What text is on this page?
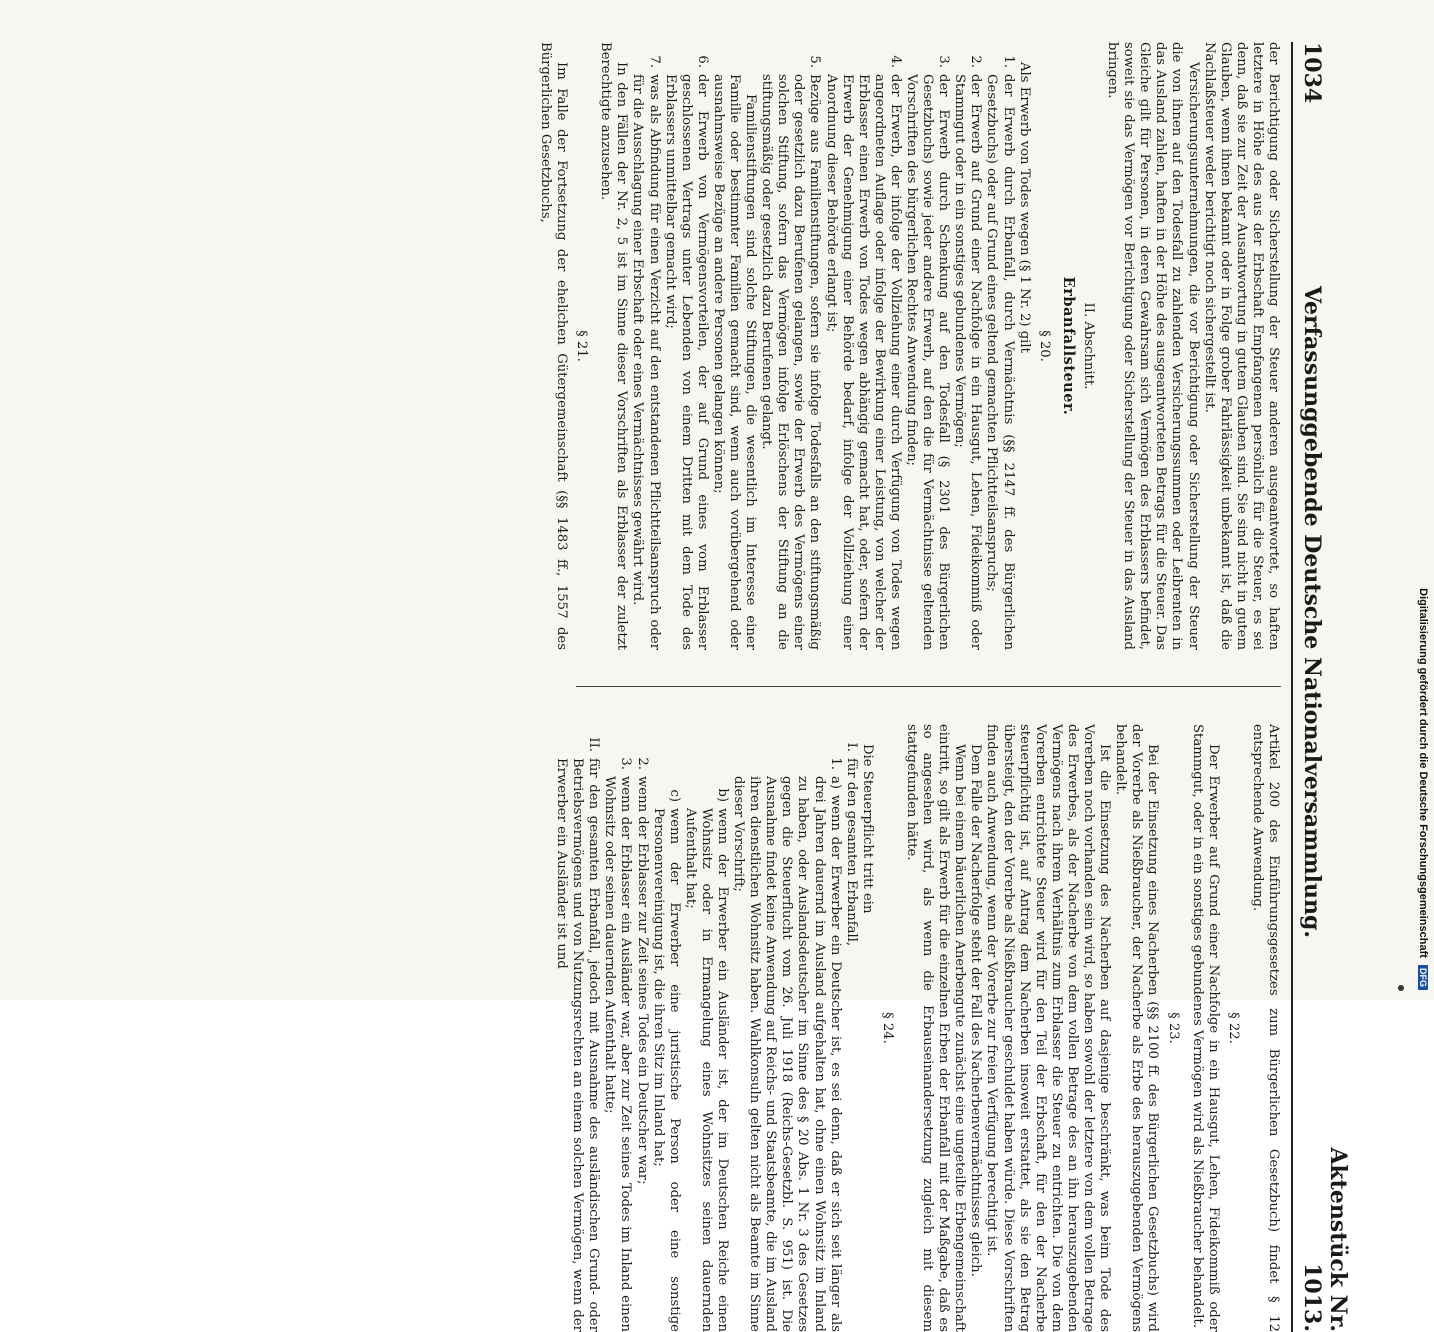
Digitalisierung gefördert durch die Deutsche Forschungsgemeinschaft DFG
1034
Verfassunggebende Deutsche Nationalversammlung.
Aktenstück Nr. 1013.

der Berichtigung oder Sicherstellung der Steuer anderen ausgeantwortet, so haften letztere in Höhe des aus der Erbschaft Empfangenen persönlich für die Steuer, es sei denn, daß sie zur Zeit der Ausantwortung in gutem Glauben sind. Sie sind nicht in gutem Glauben, wenn ihnen bekannt oder in Folge grober Fahrlässigkeit unbekannt ist, daß die Nachlaßsteuer weder berichtigt noch sichergestellt ist.

Versicherungsunternehmungen, die vor Berichtigung oder Sicherstellung der Steuer die von ihnen auf den Todesfall zu zahlenden Versicherungssummen oder Leibrenten in das Ausland zahlen, haften in der Höhe des ausgeantworteten Betrags für die Steuer. Das Gleiche gilt für Personen, in deren Gewahrsam sich Vermögen des Erblassers befindet, soweit sie das Vermögen vor Berichtigung oder Sicherstellung der Steuer in das Ausland bringen.

II. Abschnitt.
Erbanfallsteuer.
§ 20.

Als Erwerb von Todes wegen (§ 1 Nr. 2) gilt

1.
der Erwerb durch Erbanfall, durch Vermächtnis (§§ 2147 ff. des Bürgerlichen Gesetzbuchs) oder auf Grund eines geltend gemachten Pflichtteilsanspruchs;
2.
der Erwerb auf Grund einer Nachfolge in ein Hausgut, Lehen, Fideikommiß oder Stammgut oder in ein sonstiges gebundenes Vermögen;
3.
der Erwerb durch Schenkung auf den Todesfall (§ 2301 des Bürgerlichen Gesetzbuchs) sowie jeder andere Erwerb, auf den die für Vermächtnisse geltenden Vorschriften des bürgerlichen Rechtes Anwendung finden;
4.
der Erwerb, der infolge der Vollziehung einer durch Verfügung von Todes wegen angeordneten Auflage oder infolge der Bewirkung einer Leistung, von welcher der Erblasser einen Erwerb von Todes wegen abhängig gemacht hat, oder, sofern der Erwerb der Genehmigung einer Behörde bedarf, infolge der Vollziehung einer Anordnung dieser Behörde erlangt ist;
5.
Bezüge aus Familienstiftungen, sofern sie infolge Todesfalls an den stiftungsmäßig oder gesetzlich dazu Berufenen gelangen, sowie der Erwerb des Vermögens einer solchen Stiftung, sofern das Vermögen infolge Erlöschens der Stiftung an die stiftungsmäßig oder gesetzlich dazu Berufenen gelangt.
Familienstiftungen sind solche Stiftungen, die wesentlich im Interesse einer Familie oder bestimmter Familien gemacht sind, wenn auch vorübergehend oder ausnahmsweise Bezüge an andere Personen gelangen können;
6.
der Erwerb von Vermögensvorteilen, der auf Grund eines vom Erblasser geschlossenen Vertrags unter Lebenden von einem Dritten mit dem Tode des Erblassers unmittelbar gemacht wird;
7.
was als Abfindung für einen Verzicht auf den entstandenen Pflichtteilsanspruch oder für die Ausschlagung einer Erbschaft oder eines Vermächtnisses gewährt wird.

In den Fällen der Nr. 2, 5 ist im Sinne dieser Vorschriften als Erblasser der zuletzt Berechtigte anzusehen.

§ 21.

Im Falle der Fortsetzung der ehelichen Gütergemeinschaft (§§ 1483 ff., 1557 des Bürgerlichen Gesetzbuchs,

Artikel 200 des Einführungsgesetzes zum Bürgerlichen Gesetzbuch) findet § 12 entsprechende Anwendung.

§ 22.

Der Erwerber auf Grund einer Nachfolge in ein Hausgut, Lehen, Fideikommiß oder Stammgut, oder in ein sonstiges gebundenes Vermögen wird als Nießbraucher behandelt.

§ 23.

Bei der Einsetzung eines Nacherben (§§ 2100 ff. des Bürgerlichen Gesetzbuchs) wird der Vorerbe als Nießbraucher, der Nacherbe als Erbe des herauszugebenden Vermögens behandelt.

Ist die Einsetzung des Nacherben auf dasjenige beschränkt, was beim Tode des Vorerben noch vorhanden sein wird, so haben sowohl der letztere von dem vollen Betrage des Erwerbes, als der Nacherbe von dem vollen Betrage des an ihn herauszugebenden Vermögens nach ihrem Verhältnis zum Erblasser die Steuer zu entrichten. Die von dem Vorerben entrichtete Steuer wird für den Teil der Erbschaft, für den der Nacherbe steuerpflichtig ist, auf Antrag dem Nacherben insoweit erstattet, als sie den Betrag übersteigt, den der Vorerbe als Nießbraucher geschuldet haben würde. Diese Vorschriften finden auch Anwendung, wenn der Vorerbe zur freien Verfügung berechtigt ist.

Dem Falle der Nacherfolge steht der Fall des Nacherbenvermächtnisses gleich.

Wenn bei einem bäuerlichen Anerbengute zunächst eine ungeteilte Erbengemeinschaft eintritt, so gilt als Erwerb für die einzelnen Erben der Erbanfall mit der Maßgabe, daß es so angesehen wird, als wenn die Erbauseinandersetzung zugleich mit diesem stattgefunden hätte.

§ 24.

Die Steuerpflicht tritt ein

I.
für den gesamten Erbanfall,
1.
a) wenn der Erwerber ein Deutscher ist, es sei denn, daß er sich seit länger als drei Jahren dauernd im Ausland aufgehalten hat, ohne einen Wohnsitz im Inland zu haben, oder Auslandsdeutscher im Sinne des § 20 Abs. 1 Nr. 3 des Gesetzes gegen die Steuerflucht vom 26. Juli 1918 (Reichs-Gesetzbl. S. 951) ist. Die Ausnahme findet keine Anwendung auf Reichs- und Staatsbeamte, die im Ausland ihren dienstlichen Wohnsitz haben. Wahlkonsuln gelten nicht als Beamte im Sinne dieser Vorschrift;
b)
wenn der Erwerber ein Ausländer ist, der im Deutschen Reiche einen Wohnsitz oder in Ermangelung eines Wohnsitzes seinen dauernden Aufenthalt hat;
c)
wenn der Erwerber eine juristische Person oder eine sonstige Personenvereinigung ist, die ihren Sitz im Inland hat;
2.
wenn der Erblasser zur Zeit seines Todes ein Deutscher war;
3.
wenn der Erblasser ein Ausländer war, aber zur Zeit seines Todes im Inland einen Wohnsitz oder seinen dauernden Aufenthalt hatte;
II.
für den gesamten Erbanfall, jedoch mit Ausnahme des ausländischen Grund- oder Betriebsvermögens und von Nutzungsrechten an einem solchen Vermögen, wenn der Erwerber ein Ausländer ist und
